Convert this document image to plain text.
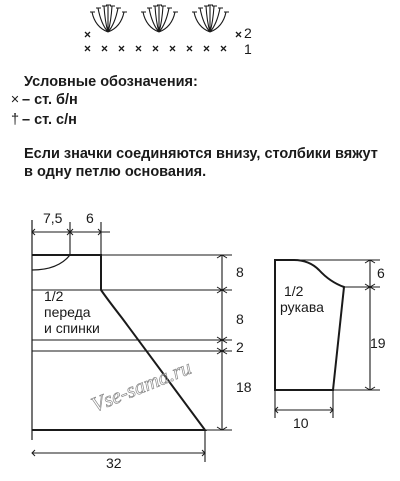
2
1
7,5 6
8
8
2
18
32
1/2
переда
и спинки
6
19
10
1/2
рукава
Vse-sama.ru
Условные обозначения:
× – ст. б/н
† – ст. с/н
Если значки соединяются внизу, столбики вяжут в одну петлю основания.
